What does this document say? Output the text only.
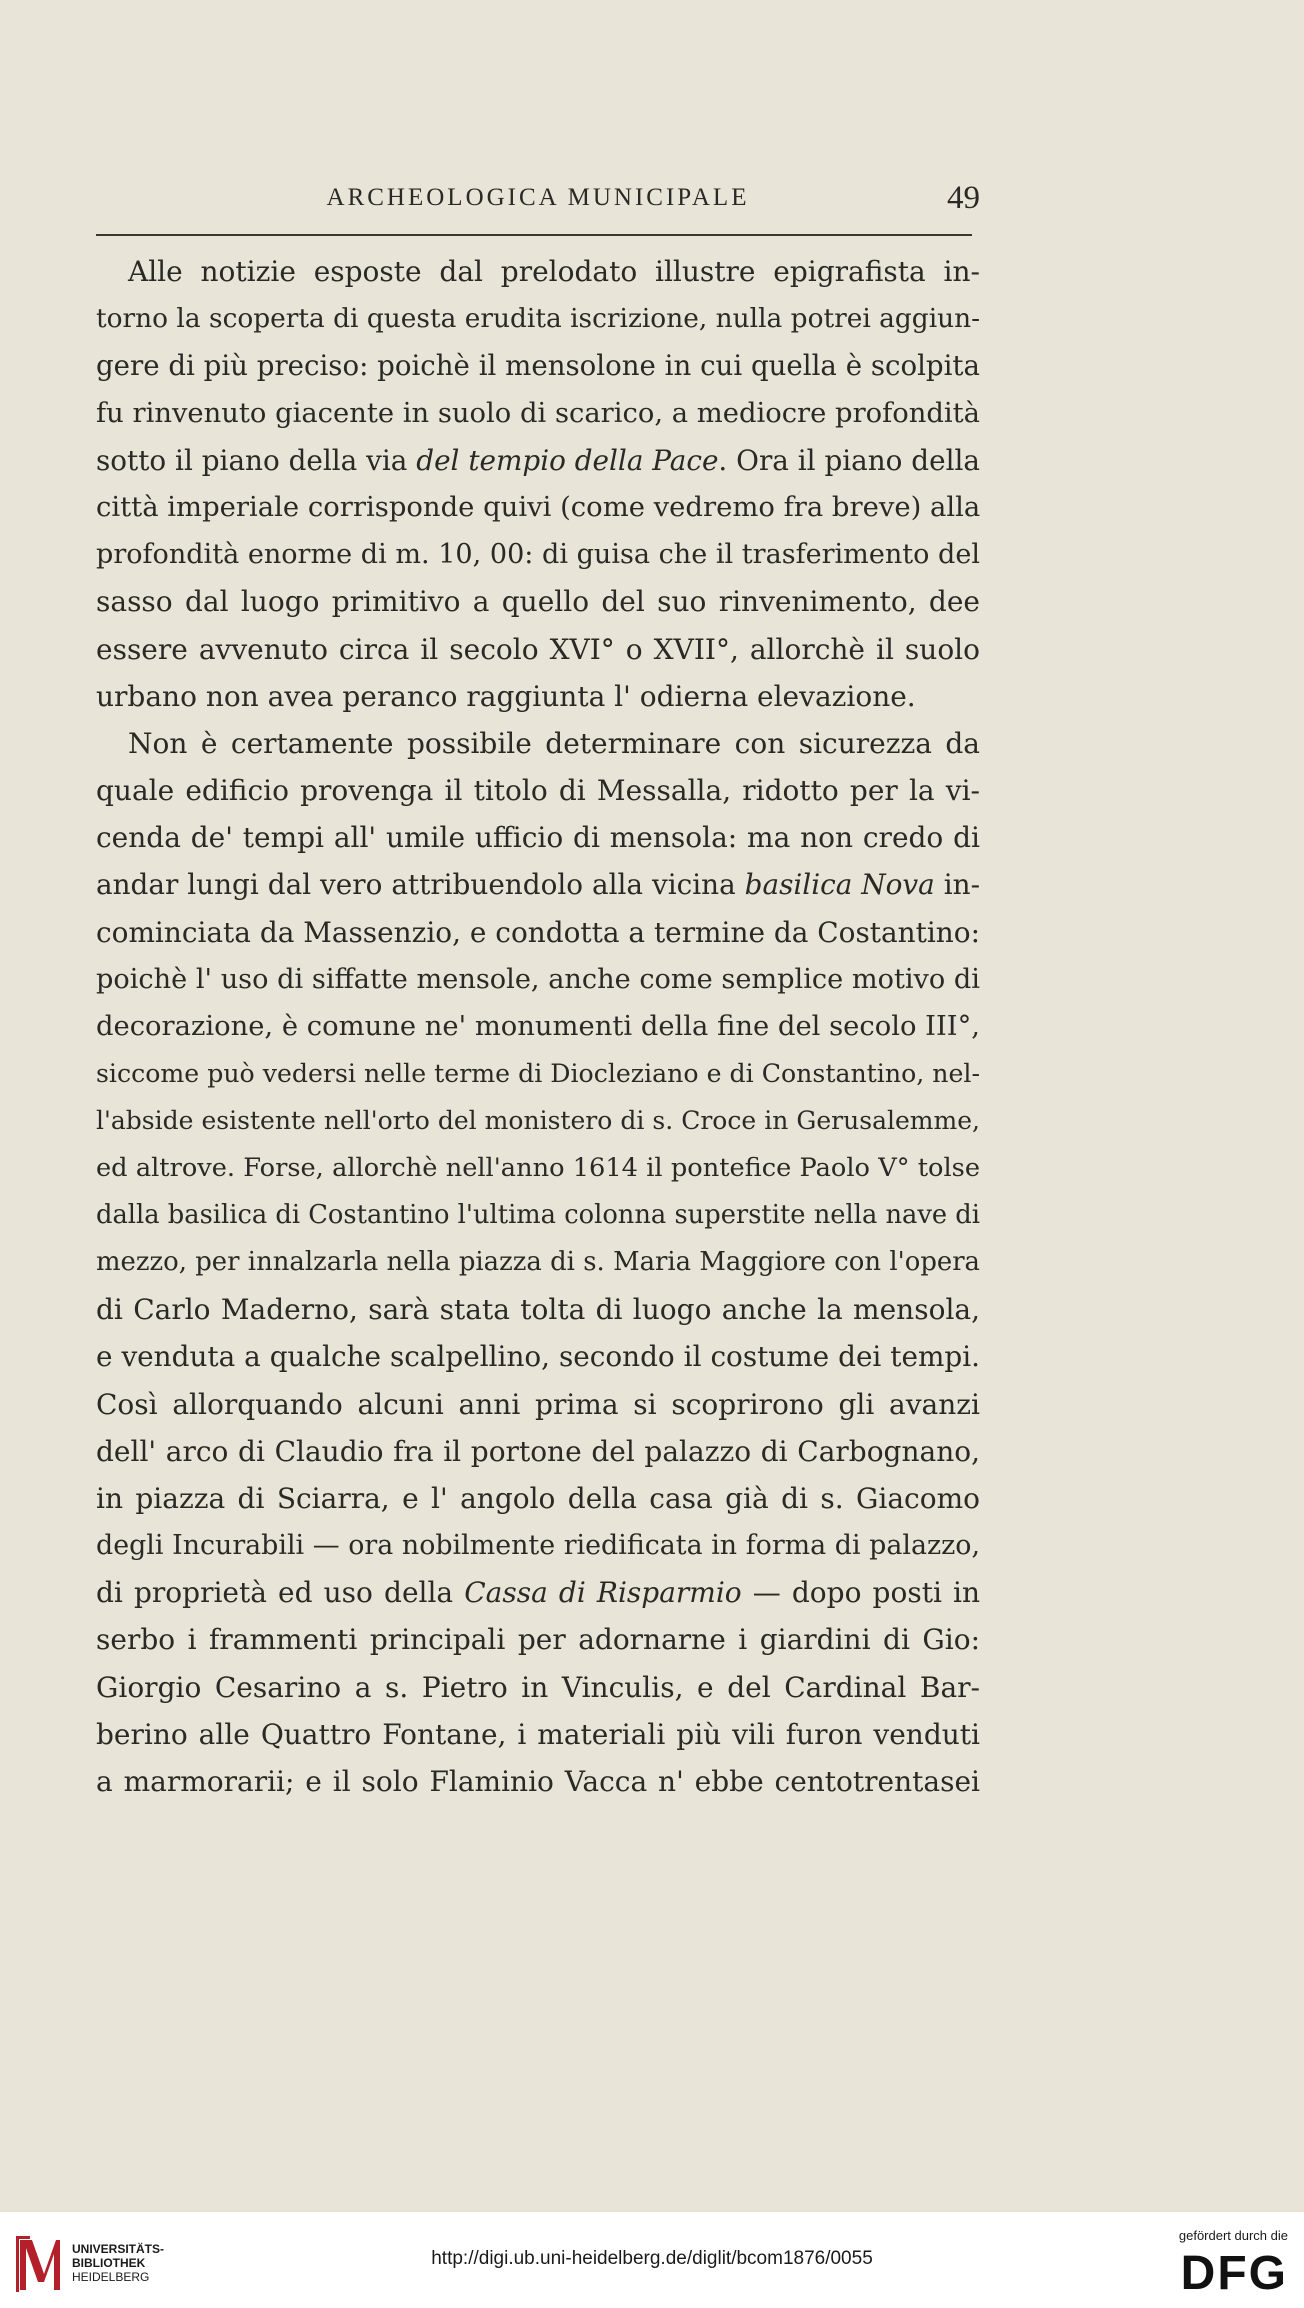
ARCHEOLOGICA MUNICIPALE	49
Alle notizie esposte dal prelodato illustre epigrafista in-
torno la scoperta di questa erudita iscrizione, nulla potrei aggiun-
gere di più preciso: poichè il mensolone in cui quella è scolpita
fu rinvenuto giacente in suolo di scarico, a mediocre profondità
sotto il piano della via del tempio della Pace. Ora il piano della
città imperiale corrisponde quivi (come vedremo fra breve) alla
profondità enorme di m. 10, 00: di guisa che il trasferimento del
sasso dal luogo primitivo a quello del suo rinvenimento, dee
essere avvenuto circa il secolo XVI° o XVII°, allorchè il suolo
urbano non avea peranco raggiunta l' odierna elevazione.
Non è certamente possibile determinare con sicurezza da
quale edificio provenga il titolo di Messalla, ridotto per la vi-
cenda de' tempi all' umile ufficio di mensola: ma non credo di
andar lungi dal vero attribuendolo alla vicina basilica Nova in-
cominciata da Massenzio, e condotta a termine da Costantino:
poichè l' uso di siffatte mensole, anche come semplice motivo di
decorazione, è comune ne' monumenti della fine del secolo III°,
siccome può vedersi nelle terme di Diocleziano e di Constantino, nel-
l'abside esistente nell'orto del monistero di s. Croce in Gerusalemme,
ed altrove. Forse, allorchè nell'anno 1614 il pontefice Paolo V° tolse
dalla basilica di Costantino l'ultima colonna superstite nella nave di
mezzo, per innalzarla nella piazza di s. Maria Maggiore con l'opera
di Carlo Maderno, sarà stata tolta di luogo anche la mensola,
e venduta a qualche scalpellino, secondo il costume dei tempi.
Così allorquando alcuni anni prima si scoprirono gli avanzi
dell' arco di Claudio fra il portone del palazzo di Carbognano,
in piazza di Sciarra, e l' angolo della casa già di s. Giacomo
degli Incurabili — ora nobilmente riedificata in forma di palazzo,
di proprietà ed uso della Cassa di Risparmio — dopo posti in
serbo i frammenti principali per adornarne i giardini di Gio:
Giorgio Cesarino a s. Pietro in Vinculis, e del Cardinal Bar-
berino alle Quattro Fontane, i materiali più vili furon venduti
a marmorarii; e il solo Flaminio Vacca n' ebbe centotrentasei
UNIVERSITÄTS-
BIBLIOTHEK
HEIDELBERG
http://digi.ub.uni-heidelberg.de/diglit/bcom1876/0055
gefördert durch die
DFG
